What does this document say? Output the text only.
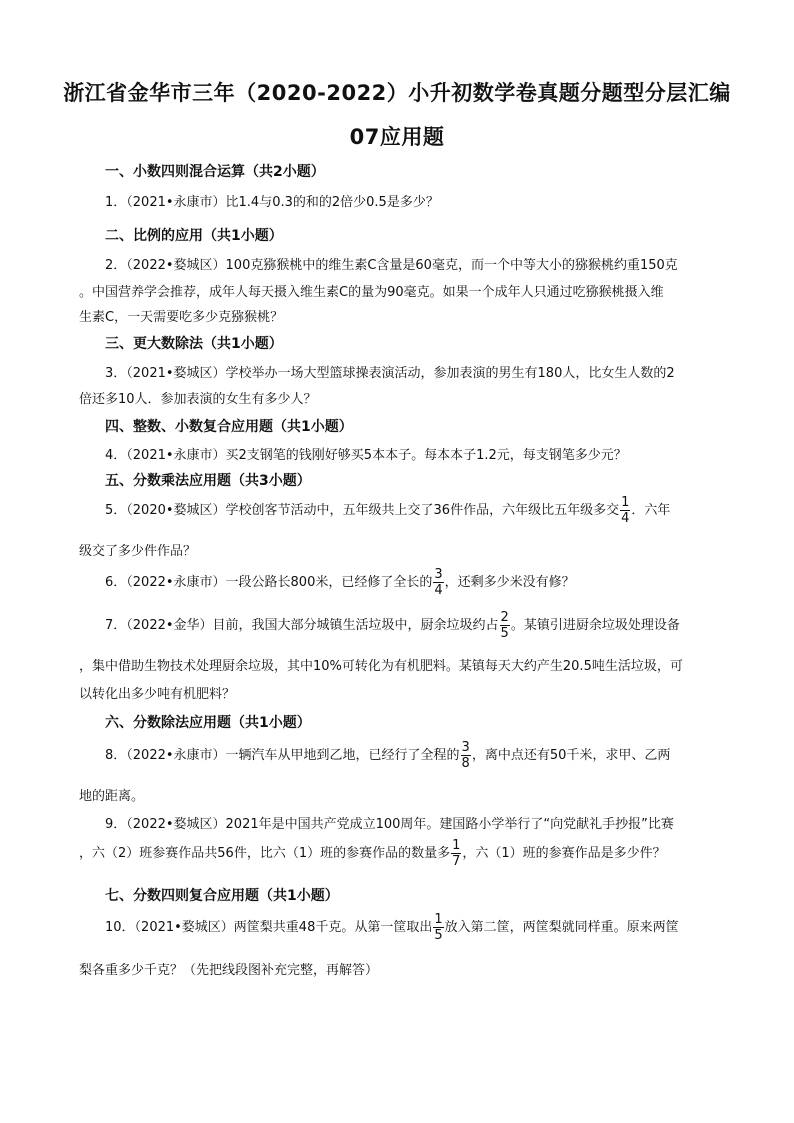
浙江省金华市三年（2020-2022）小升初数学卷真题分题型分层汇编
07应用题
一、小数四则混合运算（共2小题）
1．（2021•永康市）比1.4与0.3的和的2倍少0.5是多少？
二、比例的应用（共1小题）
2．（2022•婺城区）100克猕猴桃中的维生素C含量是60毫克，而一个中等大小的猕猴桃约重150克
。中国营养学会推荐，成年人每天摄入维生素C的量为90毫克。如果一个成年人只通过吃猕猴桃摄入维
生素C，一天需要吃多少克猕猴桃？
三、更大数除法（共1小题）
3．（2021•婺城区）学校举办一场大型篮球操表演活动，参加表演的男生有180人，比女生人数的2
倍还多10人．参加表演的女生有多少人？
四、整数、小数复合应用题（共1小题）
4．（2021•永康市）买2支钢笔的钱刚好够买5本本子。每本本子1.2元，每支钢笔多少元？
五、分数乘法应用题（共3小题）
5．（2020•婺城区）学校创客节活动中，五年级共上交了36件作品，六年级比五年级多交 $\frac{1}{4}$ ．六年
级交了多少件作品？
6．（2022•永康市）一段公路长800米，已经修了全长的 $\frac{3}{4}$ ，还剩多少米没有修？
7．（2022•金华）目前，我国大部分城镇生活垃圾中，厨余垃圾约占 $\frac{2}{5}$ 。某镇引进厨余垃圾处理设备
，集中借助生物技术处理厨余垃圾，其中10%可转化为有机肥料。某镇每天大约产生20.5吨生活垃圾，可
以转化出多少吨有机肥料？
六、分数除法应用题（共1小题）
8．（2022•永康市）一辆汽车从甲地到乙地，已经行了全程的 $\frac{3}{8}$ ，离中点还有50千米，求甲、乙两
地的距离。
9．（2022•婺城区）2021年是中国共产党成立100周年。建国路小学举行了“向党献礼手抄报”比赛
，六（2）班参赛作品共56件，比六（1）班的参赛作品的数量多 $\frac{1}{7}$ ，六（1）班的参赛作品是多少件？
七、分数四则复合应用题（共1小题）
10．（2021•婺城区）两筐梨共重48千克。从第一筐取出 $\frac{1}{5}$ 放入第二筐，两筐梨就同样重。原来两筐
梨各重多少千克？（先把线段图补充完整，再解答）
